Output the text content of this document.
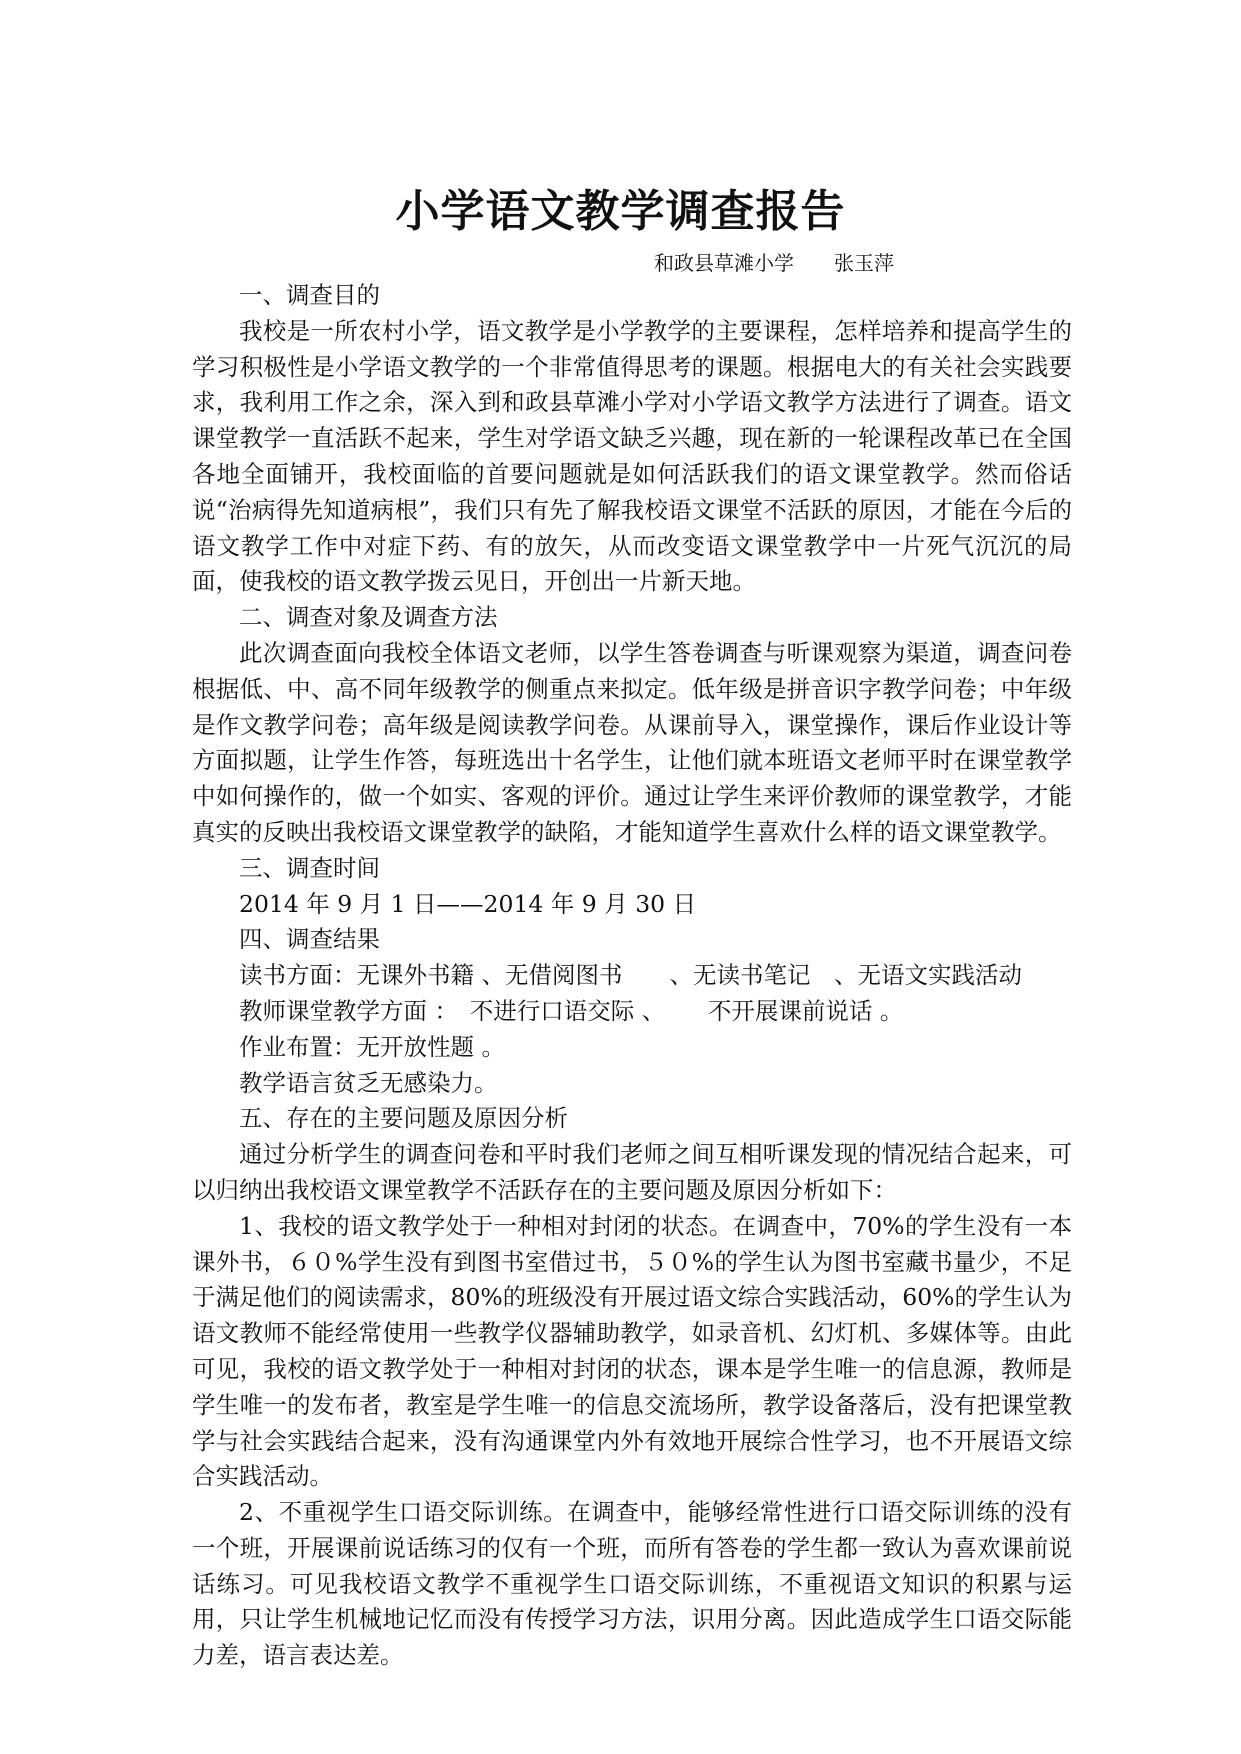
小学语文教学调查报告
和政县草滩小学　　张玉萍

一、调查目的

我校是一所农村小学，语文教学是小学教学的主要课程，怎样培养和提高学生的学习积极性是小学语文教学的一个非常值得思考的课题。根据电大的有关社会实践要求，我利用工作之余，深入到和政县草滩小学对小学语文教学方法进行了调查。语文课堂教学一直活跃不起来，学生对学语文缺乏兴趣，现在新的一轮课程改革已在全国各地全面铺开，我校面临的首要问题就是如何活跃我们的语文课堂教学。然而俗话说“治病得先知道病根”，我们只有先了解我校语文课堂不活跃的原因，才能在今后的语文教学工作中对症下药、有的放矢，从而改变语文课堂教学中一片死气沉沉的局面，使我校的语文教学拨云见日，开创出一片新天地。

二、调查对象及调查方法

此次调查面向我校全体语文老师，以学生答卷调查与听课观察为渠道，调查问卷根据低、中、高不同年级教学的侧重点来拟定。低年级是拼音识字教学问卷；中年级是作文教学问卷；高年级是阅读教学问卷。从课前导入，课堂操作，课后作业设计等方面拟题，让学生作答，每班选出十名学生，让他们就本班语文老师平时在课堂教学中如何操作的，做一个如实、客观的评价。通过让学生来评价教师的课堂教学，才能真实的反映出我校语文课堂教学的缺陷，才能知道学生喜欢什么样的语文课堂教学。

三、调查时间

2014 年 9 月 1 日——2014 年 9 月 30 日

四、调查结果

读书方面：无课外书籍 、无借阅图书　　、无读书笔记　、无语文实践活动

教师课堂教学方面 ：　不进行口语交际 、　　 不开展课前说话 。

作业布置：无开放性题 。

教学语言贫乏无感染力。

五、存在的主要问题及原因分析

通过分析学生的调查问卷和平时我们老师之间互相听课发现的情况结合起来，可以归纳出我校语文课堂教学不活跃存在的主要问题及原因分析如下：

1、我校的语文教学处于一种相对封闭的状态。在调查中，70%的学生没有一本课外书，６０%学生没有到图书室借过书，５０%的学生认为图书室藏书量少，不足于满足他们的阅读需求，80%的班级没有开展过语文综合实践活动，60%的学生认为语文教师不能经常使用一些教学仪器辅助教学，如录音机、幻灯机、多媒体等。由此可见，我校的语文教学处于一种相对封闭的状态，课本是学生唯一的信息源，教师是学生唯一的发布者，教室是学生唯一的信息交流场所，教学设备落后，没有把课堂教学与社会实践结合起来，没有沟通课堂内外有效地开展综合性学习，也不开展语文综合实践活动。

2、不重视学生口语交际训练。在调查中，能够经常性进行口语交际训练的没有一个班，开展课前说话练习的仅有一个班，而所有答卷的学生都一致认为喜欢课前说话练习。可见我校语文教学不重视学生口语交际训练，不重视语文知识的积累与运用，只让学生机械地记忆而没有传授学习方法，识用分离。因此造成学生口语交际能力差，语言表达差。
